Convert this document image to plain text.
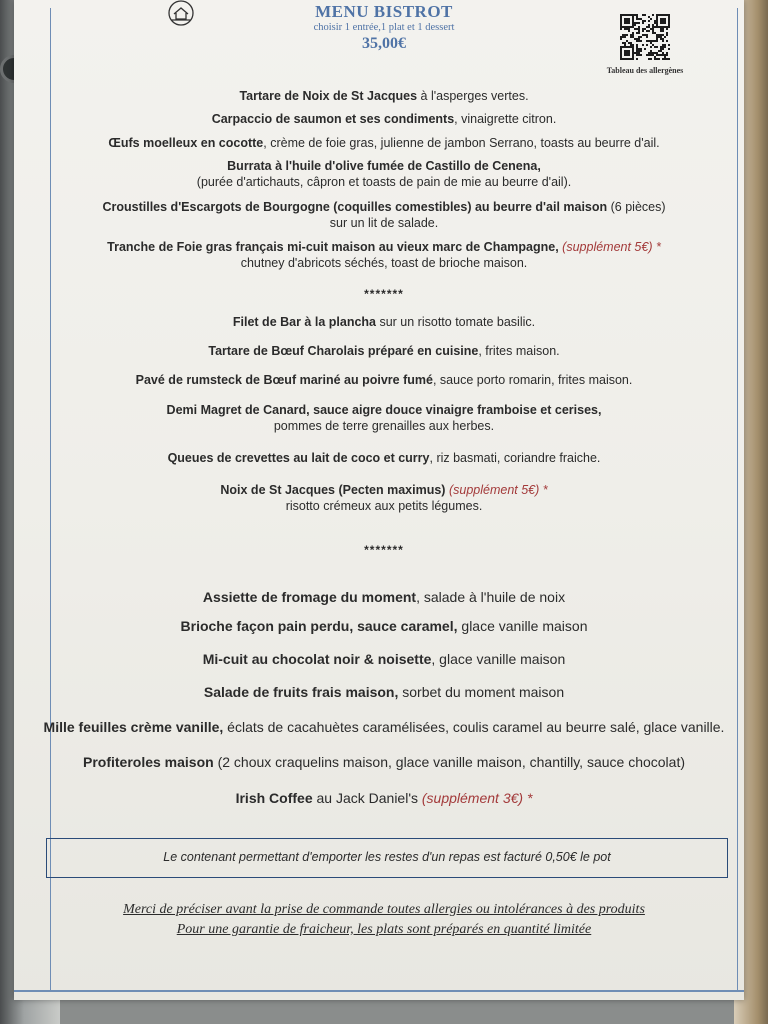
MENU BISTROT
choisir 1 entrée,1 plat et 1 dessert
35,00€
Tableau des allergènes
Tartare de Noix de St Jacques à l'asperges vertes.
Carpaccio de saumon et ses condiments, vinaigrette citron.
Œufs moelleux en cocotte, crème de foie gras, julienne de jambon Serrano, toasts au beurre d'ail.
Burrata à l'huile d'olive fumée de Castillo de Cenena,
(purée d'artichauts, câpron et toasts de pain de mie au beurre d'ail).
Croustilles d'Escargots de Bourgogne (coquilles comestibles) au beurre d'ail maison (6 pièces)
sur un lit de salade.
Tranche de Foie gras français mi-cuit maison au vieux marc de Champagne, (supplément 5€) *
chutney d'abricots séchés, toast de brioche maison.
*******
Filet de Bar à la plancha sur un risotto tomate basilic.
Tartare de Bœuf Charolais préparé en cuisine, frites maison.
Pavé de rumsteck de Bœuf mariné au poivre fumé, sauce porto romarin, frites maison.
Demi Magret de Canard, sauce aigre douce vinaigre framboise et cerises,
pommes de terre grenailles aux herbes.
Queues de crevettes au lait de coco et curry, riz basmati, coriandre fraiche.
Noix de St Jacques (Pecten maximus) (supplément 5€) *
risotto crémeux aux petits légumes.
*******
Assiette de fromage du moment, salade à l'huile de noix
Brioche façon pain perdu, sauce caramel, glace vanille maison
Mi-cuit au chocolat noir & noisette, glace vanille maison
Salade de fruits frais maison, sorbet du moment maison
Mille feuilles crème vanille, éclats de cacahuètes caramélisées, coulis caramel au beurre salé, glace vanille.
Profiteroles maison (2 choux craquelins maison, glace vanille maison, chantilly, sauce chocolat)
Irish Coffee au Jack Daniel's (supplément 3€) *
Le contenant permettant d'emporter les restes d'un repas est facturé 0,50€ le pot
Merci de préciser avant la prise de commande toutes allergies ou intolérances à des produits
Pour une garantie de fraicheur, les plats sont préparés en quantité limitée
